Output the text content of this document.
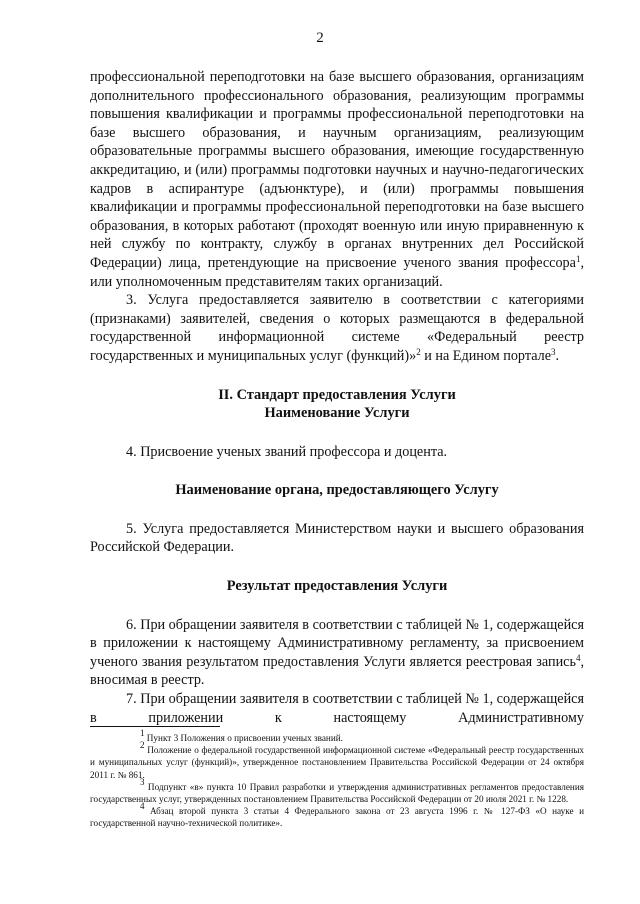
2

профессиональной переподготовки на базе высшего образования, организациям дополнительного профессионального образования, реализующим программы повышения квалификации и программы профессиональной переподготовки на базе высшего образования, и научным организациям, реализующим образовательные программы высшего образования, имеющие государственную аккредитацию, и (или) программы подготовки научных и научно-педагогических кадров в аспирантуре (адъюнктуре), и (или) программы повышения квалификации и программы профессиональной переподготовки на базе высшего образования, в которых работают (проходят военную или иную приравненную к ней службу по контракту, службу в органах внутренних дел Российской Федерации) лица, претендующие на присвоение ученого звания профессора$^1$, или уполномоченным представителям таких организаций.

3. Услуга предоставляется заявителю в соответствии с категориями (признаками) заявителей, сведения о которых размещаются в федеральной государственной информационной системе «Федеральный реестр государственных и муниципальных услуг (функций)»$^2$ и на Едином портале$^3$.

II. Стандарт предоставления Услуги
Наименование Услуги

4. Присвоение ученых званий профессора и доцента.

Наименование органа, предоставляющего Услугу

5. Услуга предоставляется Министерством науки и высшего образования Российской Федерации.

Результат предоставления Услуги

6. При обращении заявителя в соответствии с таблицей № 1, содержащейся в приложении к настоящему Административному регламенту, за присвоением ученого звания результатом предоставления Услуги является реестровая запись$^4$, вносимая в реестр.

7. При обращении заявителя в соответствии с таблицей № 1, содержащейся в приложении к настоящему Административному

$^1$ Пункт 3 Положения о присвоении ученых званий.

$^2$ Положение о федеральной государственной информационной системе «Федеральный реестр государственных и муниципальных услуг (функций)», утвержденное постановлением Правительства Российской Федерации от 24 октября 2011 г. № 861.

$^3$ Подпункт «в» пункта 10 Правил разработки и утверждения административных регламентов предоставления государственных услуг, утвержденных постановлением Правительства Российской Федерации от 20 июля 2021 г. № 1228.

$^4$ Абзац второй пункта 3 статьи 4 Федерального закона от 23 августа 1996 г. № 127-ФЗ «О науке и государственной научно-технической политике».
